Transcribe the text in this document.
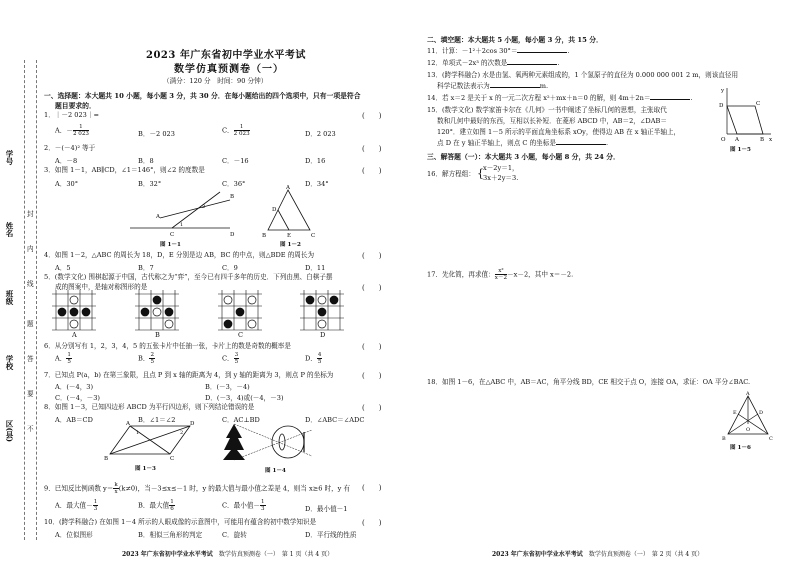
学号
姓名
班级
学校
区(县)
封
内
线
题
答
要
不
2023 年广东省初中学业水平考试
数学仿真预测卷（一）
（满分：120 分　时间：90 分钟）
一、选择题：本大题共 10 小题，每小题 3 分，共 30 分．在每小题给出的四个选项中，只有一项是符合
题目要求的．
1．｜－2 023｜=	(　　)
A．－ $\frac{1}{2 023}$	B．－2 023	C． $\frac{1}{2 023}$	D．2 023
2．－(－4)² 等于	(　　)
A．－8	B．8	C．－16	D．16
3．如图 1－1，AB∥CD，∠1＝146°，则∠2 的度数是	(　　)
A．30°	B．32°	C．36°	D．34°
A
B
C	D
1
2
图 1－1
A
B	C
D
E
图 1－2
4．如图 1－2，△ABC 的周长为 18，D，E 分别是边 AB，BC 的中点，则△BDE 的周长为	(　　)
A．5	B．7	C．9	D．11
5．(数学文化) 围棋起源于中国，古代称之为“弈”，至今已有四千多年的历史．下列由黑、白棋子摆
成的图案中，是轴对称图形的是	(　　)
A	B	C	D
6．从分别写有 1，2，3，4，5 的五张卡片中任抽一张，卡片上的数是奇数的概率是	(　　)
A． $\frac{1}{5}$	B． $\frac{2}{5}$	C． $\frac{3}{5}$	D． $\frac{4}{5}$
7．已知点 P(a，b) 在第三象限，且点 P 到 x 轴的距离为 4，到 y 轴的距离为 3，则点 P 的坐标为	(　　)
A．(－4，3)	B．(－3，－4)
C．(－4，－3)	D．(－3，4)或(－4，－3)
8．如图 1－3，已知四边形 ABCD 为平行四边形，则下列结论错误的是	(　　)
A．AB＝CD	B．∠1＝∠2	C．AC⊥BD	D．∠ABC＝∠ADC
A	D
B	C
1	2
图 1－3	图 1－4
9．已知反比例函数 $y= \frac{k}{x} (k\ne 0)$，当－3≤x≤－1 时，y 的最大值与最小值之差是 4，则当 x≥6 时，y 有 (　　)
A．最大值－ $\frac{1}{3}$	B．最大值 $\frac{1}{6}$	C．最小值－ $\frac{1}{3}$	D．最小值－1
10．(跨学科融合) 在如图 1－4 所示的人眼成像的示意图中，可能用有蕴含的初中数学知识是	(　　)
A．位似图形	B．相似三角形的判定	C．旋转	D．平行线的性质
2023 年广东省初中学业水平考试　 数学仿真预测卷（一）　第 1 页（共 4 页）
二、填空题：本大题共 5 小题，每小题 3 分，共 15 分．
11．计算：－1²＋2cos 30°＝	.
12．单项式－2x³ 的次数是	.
13．(跨学科融合) 水是由氢、氧两种元素组成的，1 个氢原子的直径为 0.000 000 001 2 m，则该直径用
科学记数法表示为	m.
14．若 x＝2 是关于 x 的一元二次方程 x²＋mx＋n＝0 的解，则 4m＋2n＝	.
15．(数学文化) 数学家笛卡尔在《几何》一书中阐述了坐标几何的思想，主张取代
数和几何中最好的东西，互相以长补短．在菱形 ABCD 中，AB＝2，∠DAB＝
120°．建立如图 1－5 所示的平面直角坐标系 xOy，使得边 AB 在 x 轴正半轴上，
点 D 在 y 轴正半轴上，则点 C 的坐标是	.
y
x
O A	B
C
D
图 1－5
三、解答题（一）：本大题共 3 小题，每小题 8 分，共 24 分．
16．解方程组： { x－2y＝1，
3x＋2y＝3.
17．先化简，再求值： $\frac{\text{x²}}{x-2} -x-2$，其中 x＝－2.
18．如图 1－6，在△ABC 中，AB＝AC，角平分线 BD，CE 相交于点 O，连接 OA，求证：OA 平分∠BAC.
A
B	C
D
E
O
图 1－6
2023 年广东省初中学业水平考试　 数学仿真预测卷（一）　第 2 页（共 4 页）
